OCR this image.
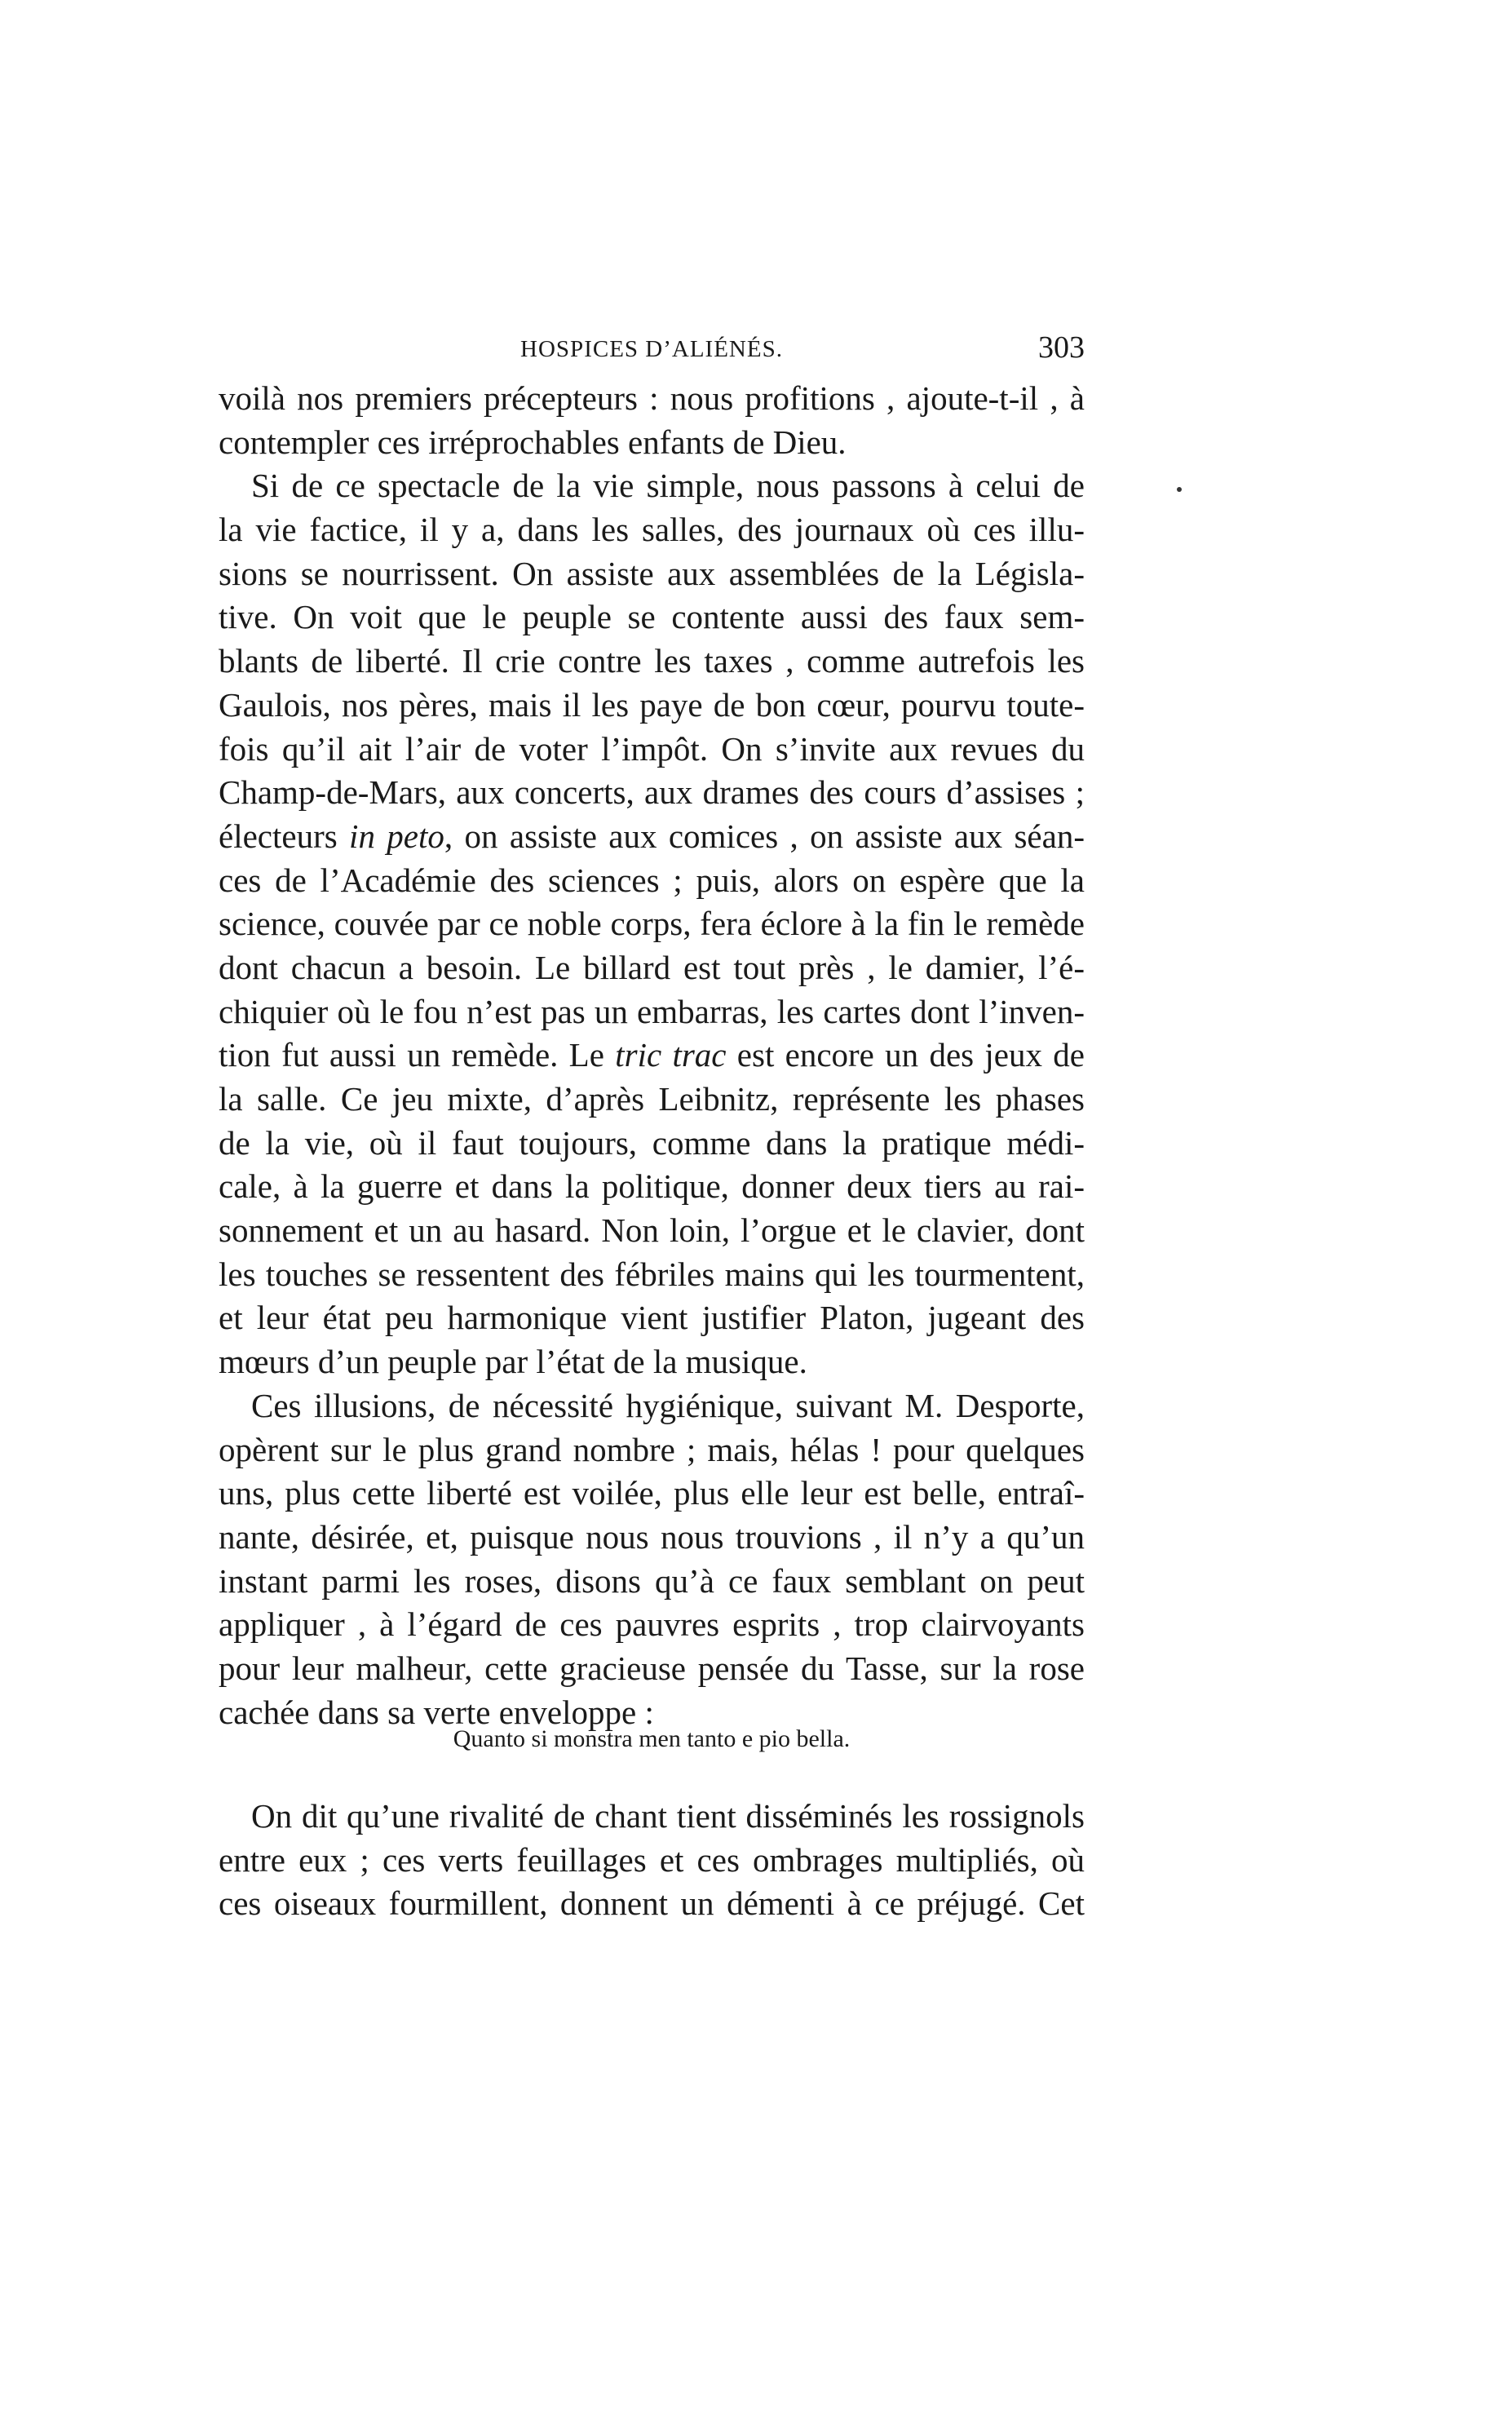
HOSPICES D’ALIÉNÉS.	303
voilà nos premiers précepteurs : nous profitions , ajoute-t-il , à
contempler ces irréprochables enfants de Dieu.
Si de ce spectacle de la vie simple, nous passons à celui de
la vie factice, il y a, dans les salles, des journaux où ces illu-
sions se nourrissent. On assiste aux assemblées de la Législa-
tive. On voit que le peuple se contente aussi des faux sem-
blants de liberté. Il crie contre les taxes , comme autrefois les
Gaulois, nos pères, mais il les paye de bon cœur, pourvu toute-
fois qu’il ait l’air de voter l’impôt. On s’invite aux revues du
Champ-de-Mars, aux concerts, aux drames des cours d’assises ;
électeurs in peto, on assiste aux comices , on assiste aux séan-
ces de l’Académie des sciences ; puis, alors on espère que la
science, couvée par ce noble corps, fera éclore à la fin le remède
dont chacun a besoin. Le billard est tout près , le damier, l’é-
chiquier où le fou n’est pas un embarras, les cartes dont l’inven-
tion fut aussi un remède. Le tric trac est encore un des jeux de
la salle. Ce jeu mixte, d’après Leibnitz, représente les phases
de la vie, où il faut toujours, comme dans la pratique médi-
cale, à la guerre et dans la politique, donner deux tiers au rai-
sonnement et un au hasard. Non loin, l’orgue et le clavier, dont
les touches se ressentent des fébriles mains qui les tourmentent,
et leur état peu harmonique vient justifier Platon, jugeant des
mœurs d’un peuple par l’état de la musique.
Ces illusions, de nécessité hygiénique, suivant M. Desporte,
opèrent sur le plus grand nombre ; mais, hélas ! pour quelques
uns, plus cette liberté est voilée, plus elle leur est belle, entraî-
nante, désirée, et, puisque nous nous trouvions , il n’y a qu’un
instant parmi les roses, disons qu’à ce faux semblant on peut
appliquer , à l’égard de ces pauvres esprits , trop clairvoyants
pour leur malheur, cette gracieuse pensée du Tasse, sur la rose
cachée dans sa verte enveloppe :
Quanto si monstra men tanto e pio bella.
On dit qu’une rivalité de chant tient disséminés les rossignols
entre eux ; ces verts feuillages et ces ombrages multipliés, où
ces oiseaux fourmillent, donnent un démenti à ce préjugé. Cet
